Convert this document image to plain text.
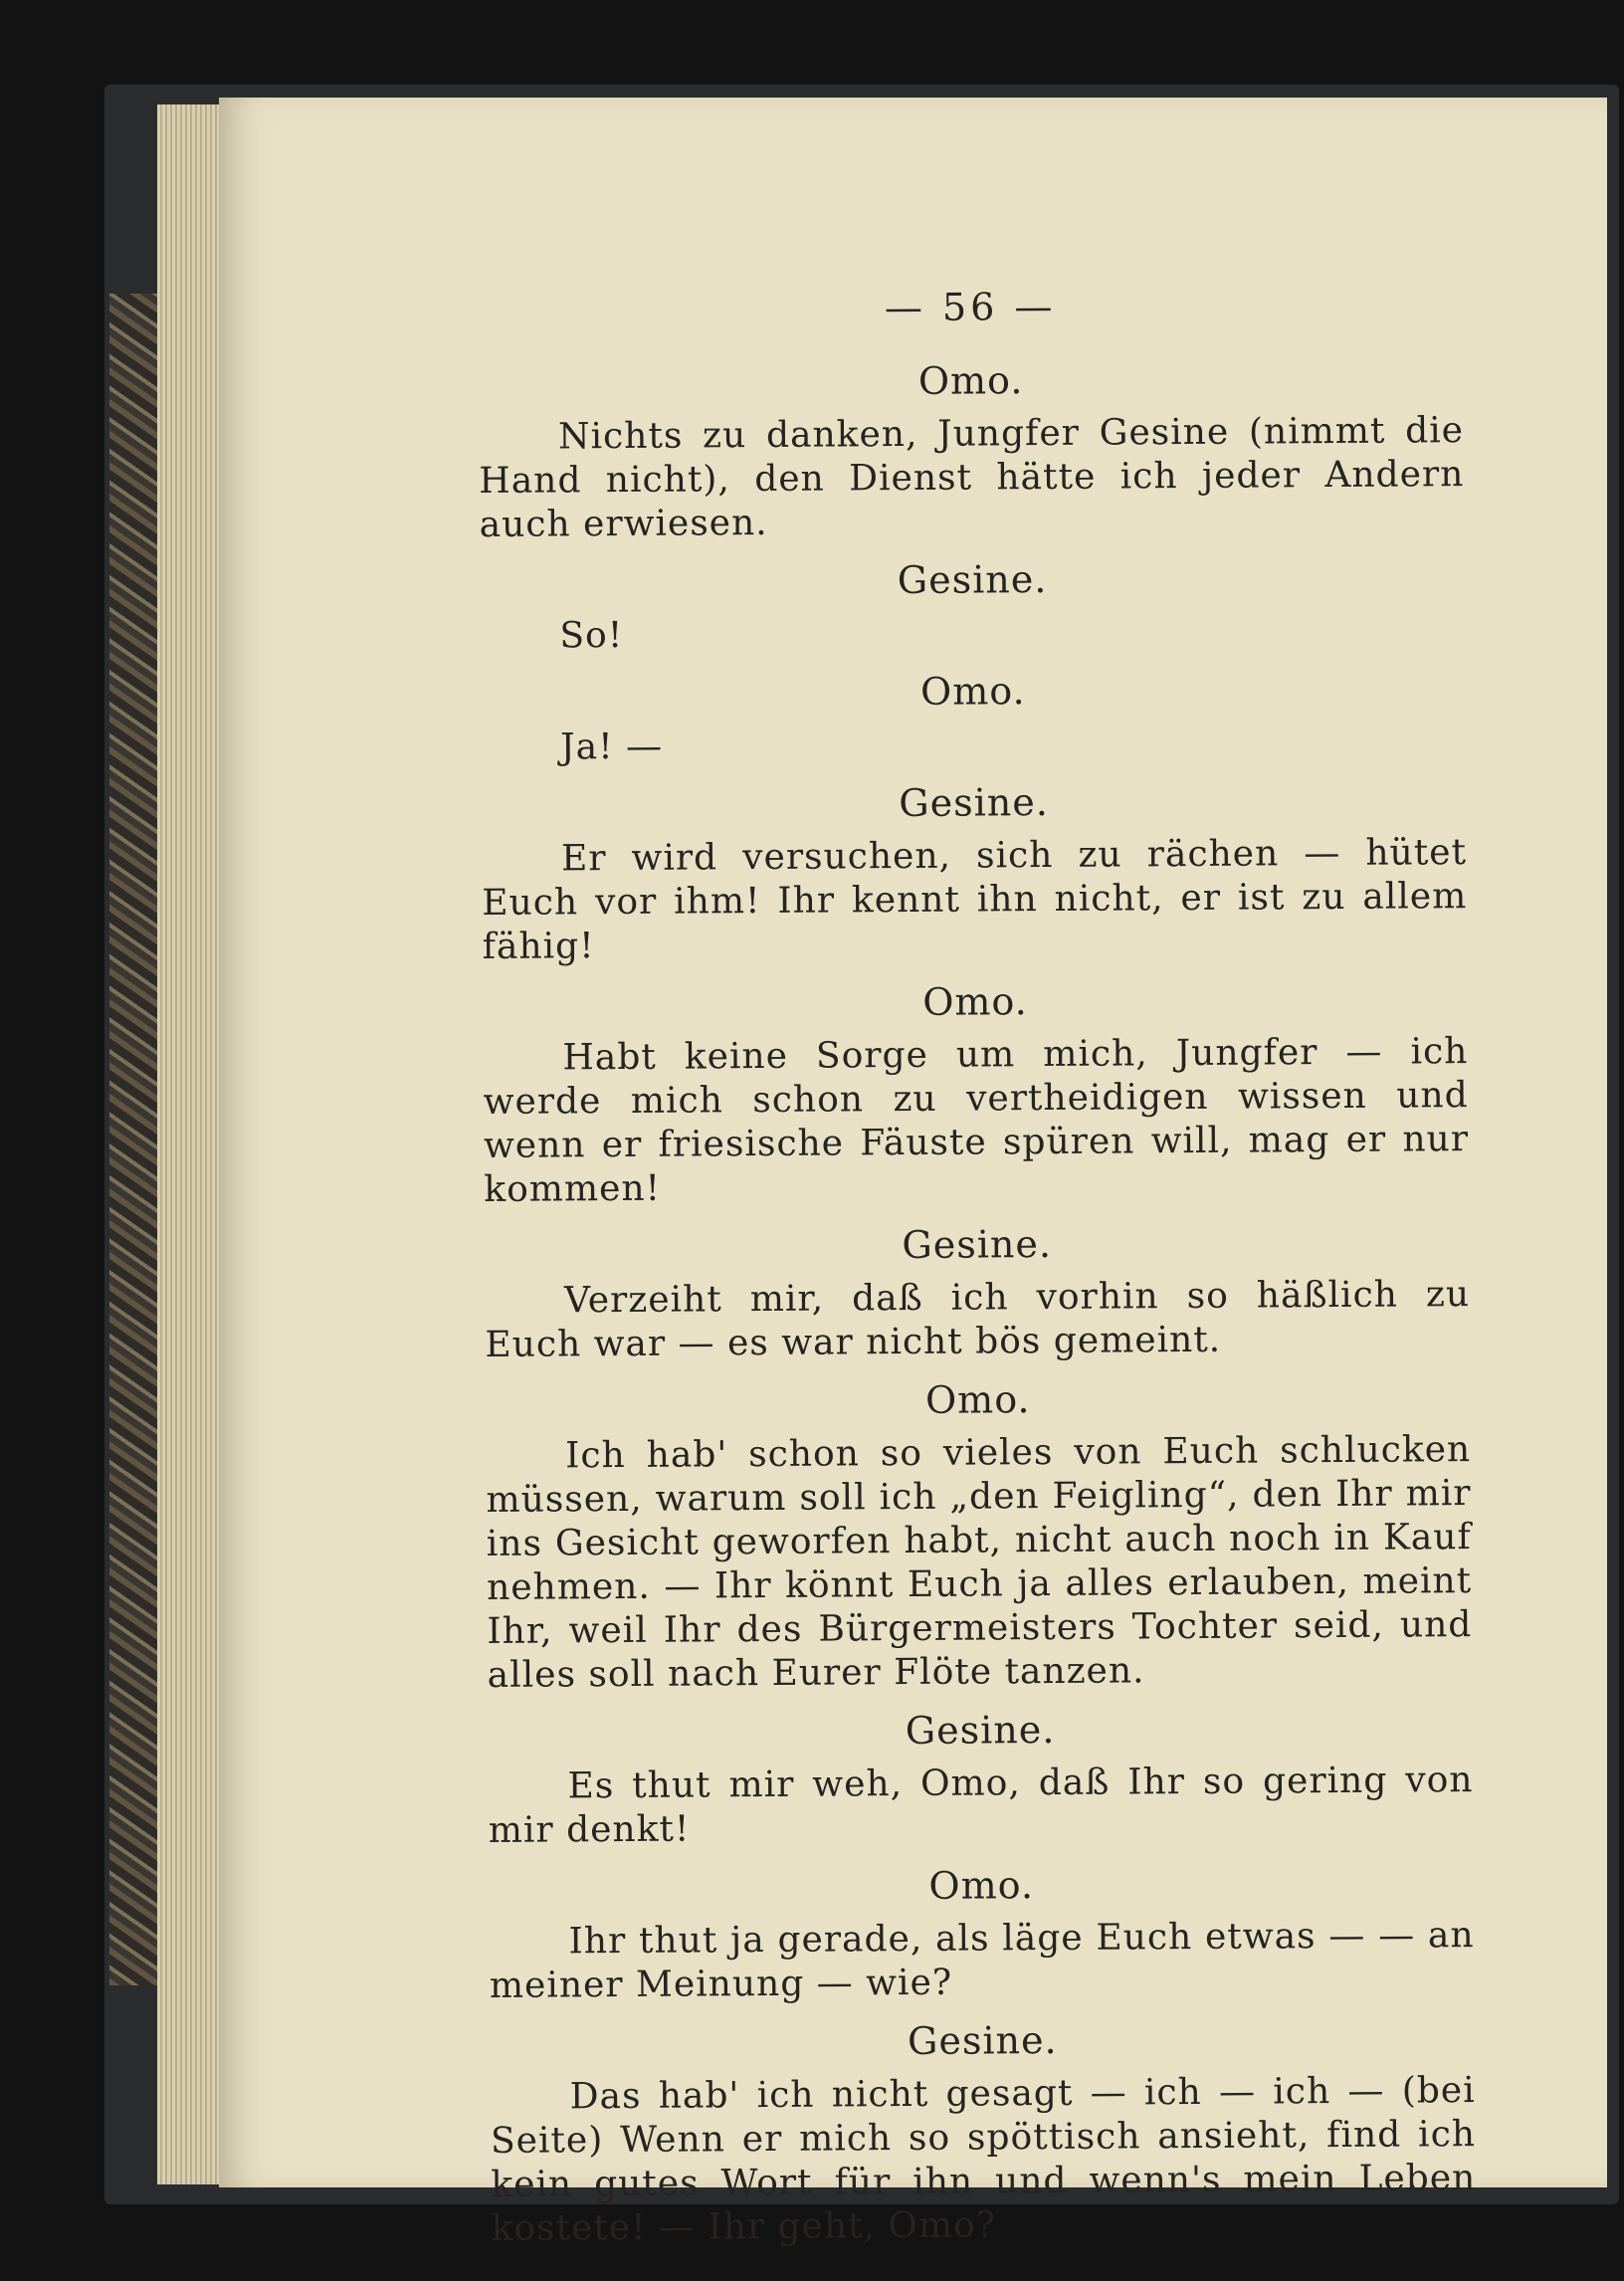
— 56 —
Omo.

Nichts zu danken, Jungfer Gesine (nimmt die Hand nicht), den Dienst hätte ich jeder Andern auch erwiesen.

Gesine.

So!

Omo.

Ja! —

Gesine.

Er wird versuchen, sich zu rächen — hütet Euch vor ihm! Ihr kennt ihn nicht, er ist zu allem fähig!

Omo.

Habt keine Sorge um mich, Jungfer — ich werde mich schon zu vertheidigen wissen und wenn er friesische Fäuste spüren will, mag er nur kommen!

Gesine.

Verzeiht mir, daß ich vorhin so häßlich zu Euch war — es war nicht bös gemeint.

Omo.

Ich hab' schon so vieles von Euch schlucken müssen, warum soll ich „den Feigling“, den Ihr mir ins Gesicht geworfen habt, nicht auch noch in Kauf nehmen. — Ihr könnt Euch ja alles erlauben, meint Ihr, weil Ihr des Bürgermeisters Tochter seid, und alles soll nach Eurer Flöte tanzen.

Gesine.

Es thut mir weh, Omo, daß Ihr so gering von mir denkt!

Omo.

Ihr thut ja gerade, als läge Euch etwas — — an meiner Meinung — wie?

Gesine.

Das hab' ich nicht gesagt — ich — ich — (bei Seite) Wenn er mich so spöttisch ansieht, find ich kein gutes Wort für ihn und wenn's mein Leben kostete! — Ihr geht, Omo?
